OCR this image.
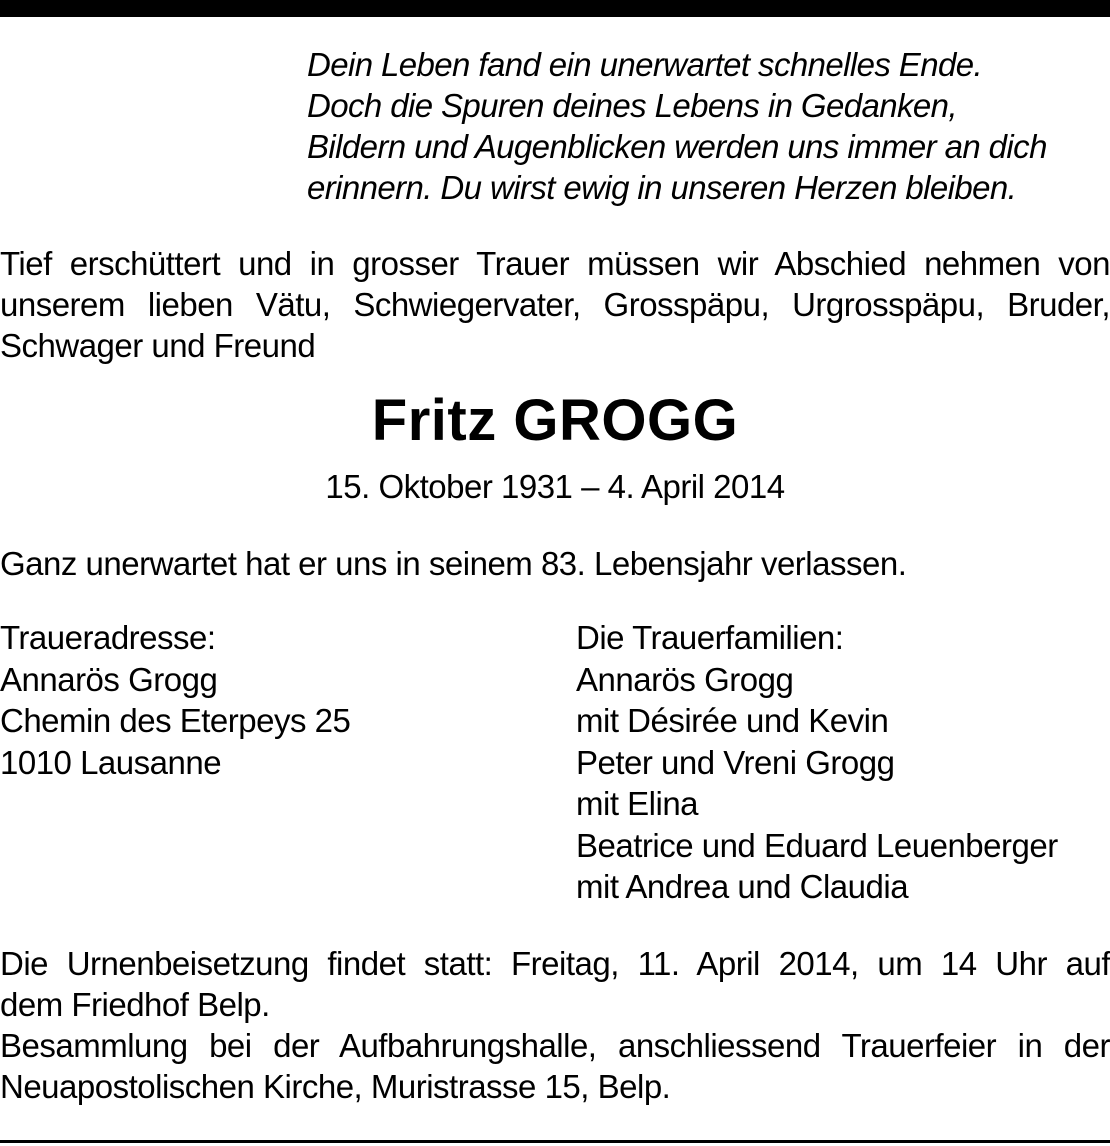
Dein Leben fand ein unerwartet schnelles Ende.
Doch die Spuren deines Lebens in Gedanken,
Bildern und Augenblicken werden uns immer an dich
erinnern. Du wirst ewig in unseren Herzen bleiben.
Tief erschüttert und in grosser Trauer müssen wir Abschied nehmen von
unserem lieben Vätu, Schwiegervater, Grosspäpu, Urgrosspäpu, Bruder,
Schwager und Freund
Fritz GROGG
15. Oktober 1931 – 4. April 2014
Ganz unerwartet hat er uns in seinem 83. Lebensjahr verlassen.
Traueradresse:
Annarös Grogg
Chemin des Eterpeys 25
1010 Lausanne
Die Trauerfamilien:
Annarös Grogg
mit Désirée und Kevin
Peter und Vreni Grogg
mit Elina
Beatrice und Eduard Leuenberger
mit Andrea und Claudia
Die Urnenbeisetzung findet statt: Freitag, 11. April 2014, um 14 Uhr auf
dem Friedhof Belp.
Besammlung bei der Aufbahrungshalle, anschliessend Trauerfeier in der
Neuapostolischen Kirche, Muristrasse 15, Belp.
